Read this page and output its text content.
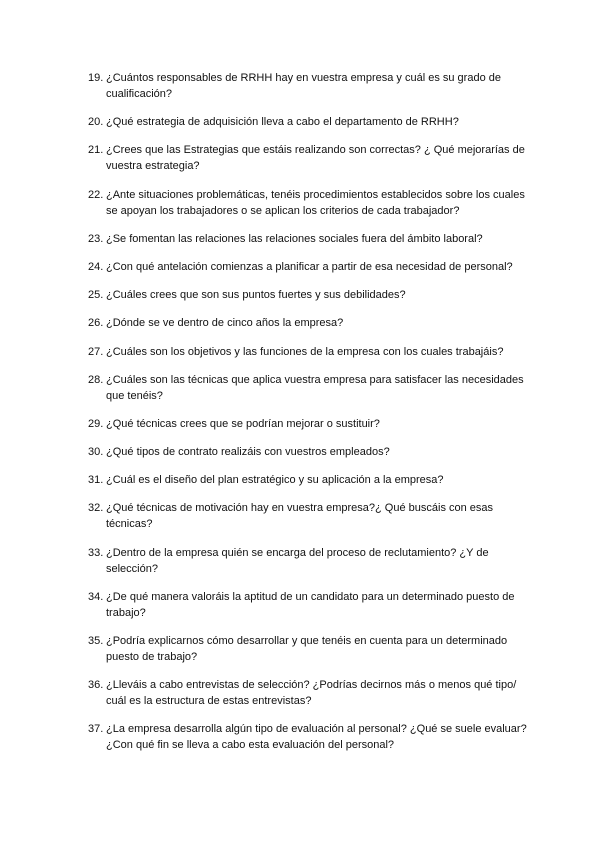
19. ¿Cuántos responsables de RRHH hay en vuestra empresa y cuál es su grado de cualificación?
20. ¿Qué estrategia de adquisición lleva a cabo el departamento de RRHH?
21. ¿Crees que las Estrategias que estáis realizando son correctas? ¿ Qué mejorarías de vuestra estrategia?
22. ¿Ante situaciones problemáticas, tenéis procedimientos establecidos sobre los cuales se apoyan los trabajadores o se aplican los criterios de cada trabajador?
23. ¿Se fomentan las relaciones las relaciones sociales fuera del ámbito laboral?
24. ¿Con qué antelación comienzas a planificar a partir de esa necesidad de personal?
25. ¿Cuáles crees que son sus puntos fuertes y sus debilidades?
26. ¿Dónde se ve dentro de cinco años la empresa?
27. ¿Cuáles son los objetivos y las funciones de la empresa con los cuales trabajáis?
28. ¿Cuáles son las técnicas que aplica vuestra empresa para satisfacer las necesidades que tenéis?
29. ¿Qué técnicas crees que se podrían mejorar o sustituir?
30. ¿Qué tipos de contrato realizáis con vuestros empleados?
31. ¿Cuál es el diseño del plan estratégico y su aplicación a la empresa?
32. ¿Qué técnicas de motivación hay en vuestra empresa?¿ Qué buscáis con esas técnicas?
33. ¿Dentro de la empresa quién se encarga del proceso de reclutamiento? ¿Y de selección?
34. ¿De qué manera valoráis la aptitud de un candidato para un determinado puesto de trabajo?
35. ¿Podría explicarnos cómo desarrollar y que tenéis en cuenta para un determinado puesto de trabajo?
36. ¿Lleváis a cabo entrevistas de selección? ¿Podrías decirnos más o menos qué tipo/ cuál es la estructura de estas entrevistas?
37. ¿La empresa desarrolla algún tipo de evaluación al personal? ¿Qué se suele evaluar?¿Con qué fin se lleva a cabo esta evaluación del personal?
